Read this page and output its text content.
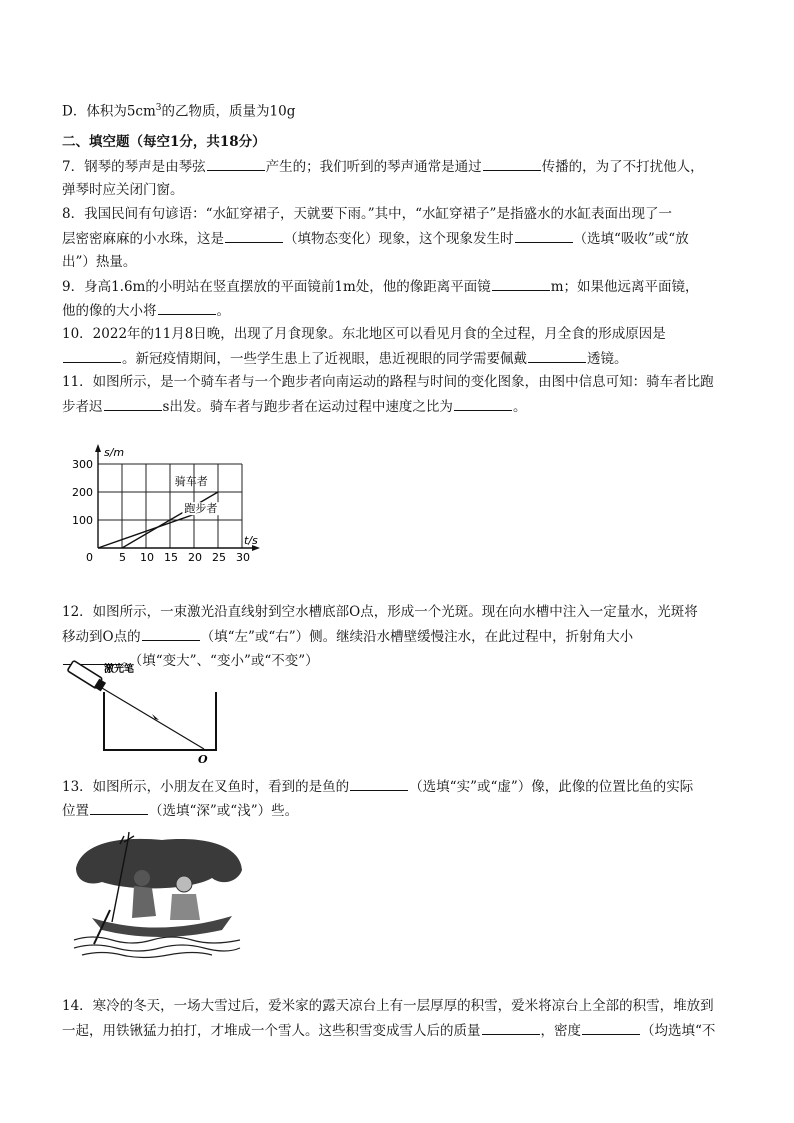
D．体积为$5cm^3$的乙物质，质量为10g
二、填空题（每空1分，共18分）
7．钢琴的琴声是由琴弦	产生的；我们听到的琴声通常是通过	传播的，为了不打扰他人，
弹琴时应关闭门窗。
8．我国民间有句谚语：“水缸穿裙子，天就要下雨。”其中，“水缸穿裙子”是指盛水的水缸表面出现了一
层密密麻麻的小水珠，这是	（填物态变化）现象，这个现象发生时	（选填“吸收”或“放
出”）热量。
9．身高1.6m的小明站在竖直摆放的平面镜前1m处，他的像距离平面镜	m；如果他远离平面镜，
他的像的大小将	。
10．2022年的11月8日晚，出现了月食现象。东北地区可以看见月食的全过程，月全食的形成原因是
。新冠疫情期间，一些学生患上了近视眼，患近视眼的同学需要佩戴	透镜。
11．如图所示，是一个骑车者与一个跑步者向南运动的路程与时间的变化图象，由图中信息可知：骑车者比跑
步者迟	s出发。骑车者与跑步者在运动过程中速度之比为	。
s/m
t/s
0 5 10 15 20 25 30
100
200
300
骑车者
跑步者
12．如图所示，一束激光沿直线射到空水槽底部O点，形成一个光斑。现在向水槽中注入一定量水，光斑将
移动到O点的	（填“左”或“右”）侧。继续沿水槽壁缓慢注水，在此过程中，折射角大小
。（填“变大”、“变小”或“不变”）
激光笔
O
13．如图所示，小朋友在叉鱼时，看到的是鱼的	（选填“实”或“虚”）像，此像的位置比鱼的实际
位置	（选填“深”或“浅”）些。
14．寒冷的冬天，一场大雪过后，爱米家的露天凉台上有一层厚厚的积雪，爱米将凉台上全部的积雪，堆放到
一起，用铁锹猛力拍打，才堆成一个雪人。这些积雪变成雪人后的质量	，密度	（均选填“不
